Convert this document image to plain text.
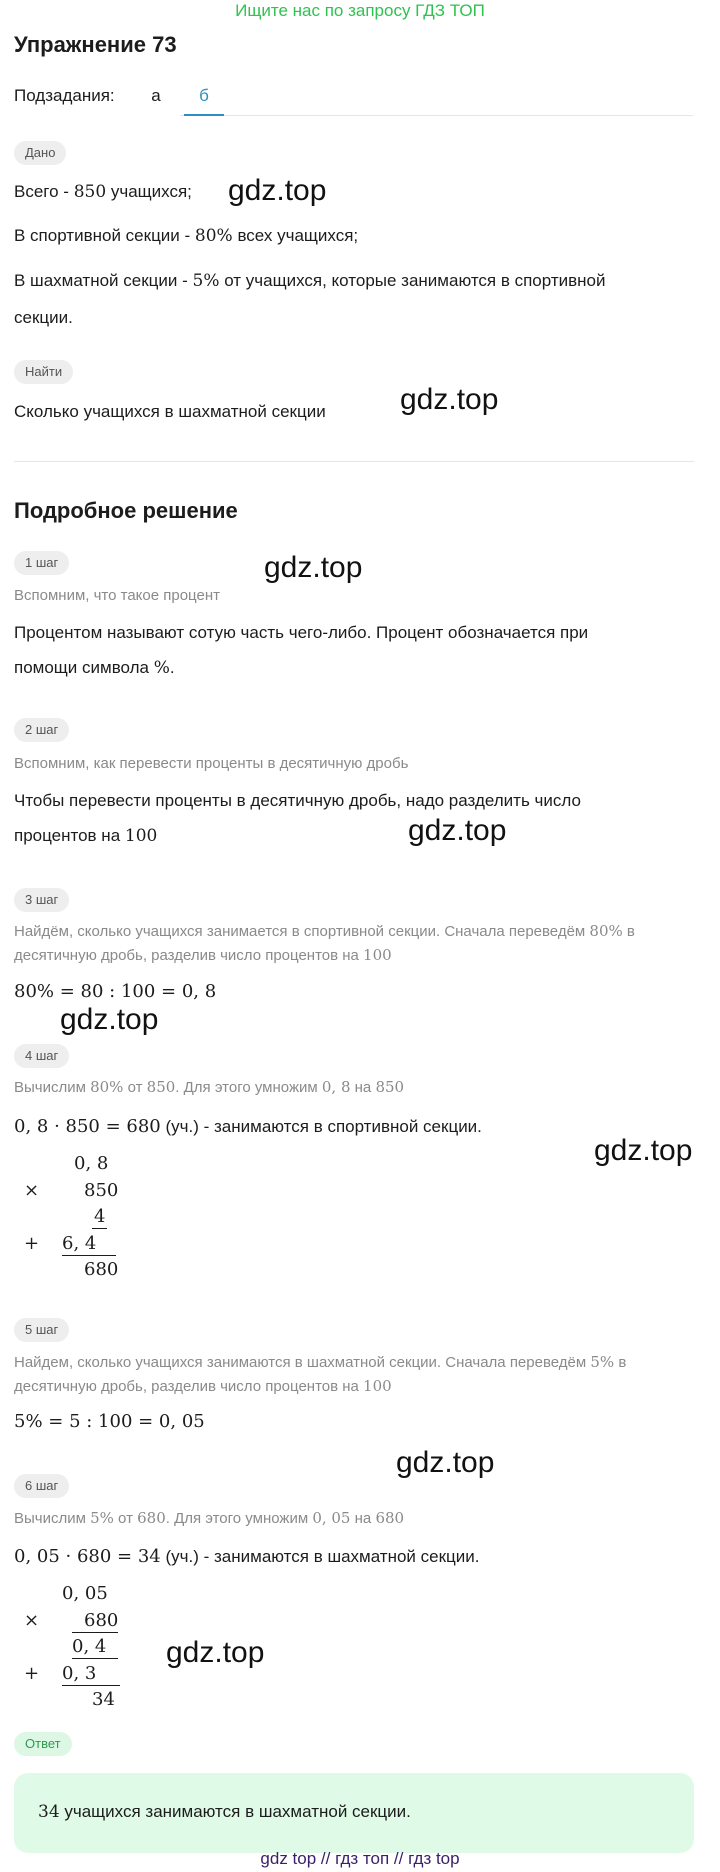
Ищите нас по запросу ГДЗ ТОП
Упражнение 73
Подзадания:	а	б
Дано
Всего - 850 учащихся;
В спортивной секции - 80% всех учащихся;
В шахматной секции - 5% от учащихся, которые занимаются в спортивной
секции.
Найти
Сколько учащихся в шахматной секции
Подробное решение
1 шаг
Вспомним, что такое процент
Процентом называют сотую часть чего-либо. Процент обозначается при
помощи символа %.
2 шаг
Вспомним, как перевести проценты в десятичную дробь
Чтобы перевести проценты в десятичную дробь, надо разделить число
процентов на 100
3 шаг
Найдём, сколько учащихся занимается в спортивной секции. Сначала переведём 80% в
десятичную дробь, разделив число процентов на 100
80% = 80 : 100 = 0, 8
4 шаг
Вычислим 80% от 850. Для этого умножим 0, 8 на 850
0, 8 · 850 = 680 (уч.) - занимаются в спортивной секции.
0, 8
× 850
4
+ 6, 4
680
5 шаг
Найдем, сколько учащихся занимаются в шахматной секции. Сначала переведём 5% в
десятичную дробь, разделив число процентов на 100
5% = 5 : 100 = 0, 05
6 шаг
Вычислим 5% от 680. Для этого умножим 0, 05 на 680
0, 05 · 680 = 34 (уч.) - занимаются в шахматной секции.
0, 05
×	680
0, 4
+ 0, 3
34
Ответ
34 учащихся занимаются в шахматной секции.
gdz.top
gdz.top
gdz.top
gdz.top
gdz.top
gdz.top
gdz.top
gdz.top
gdz top // гдз топ // гдз top
